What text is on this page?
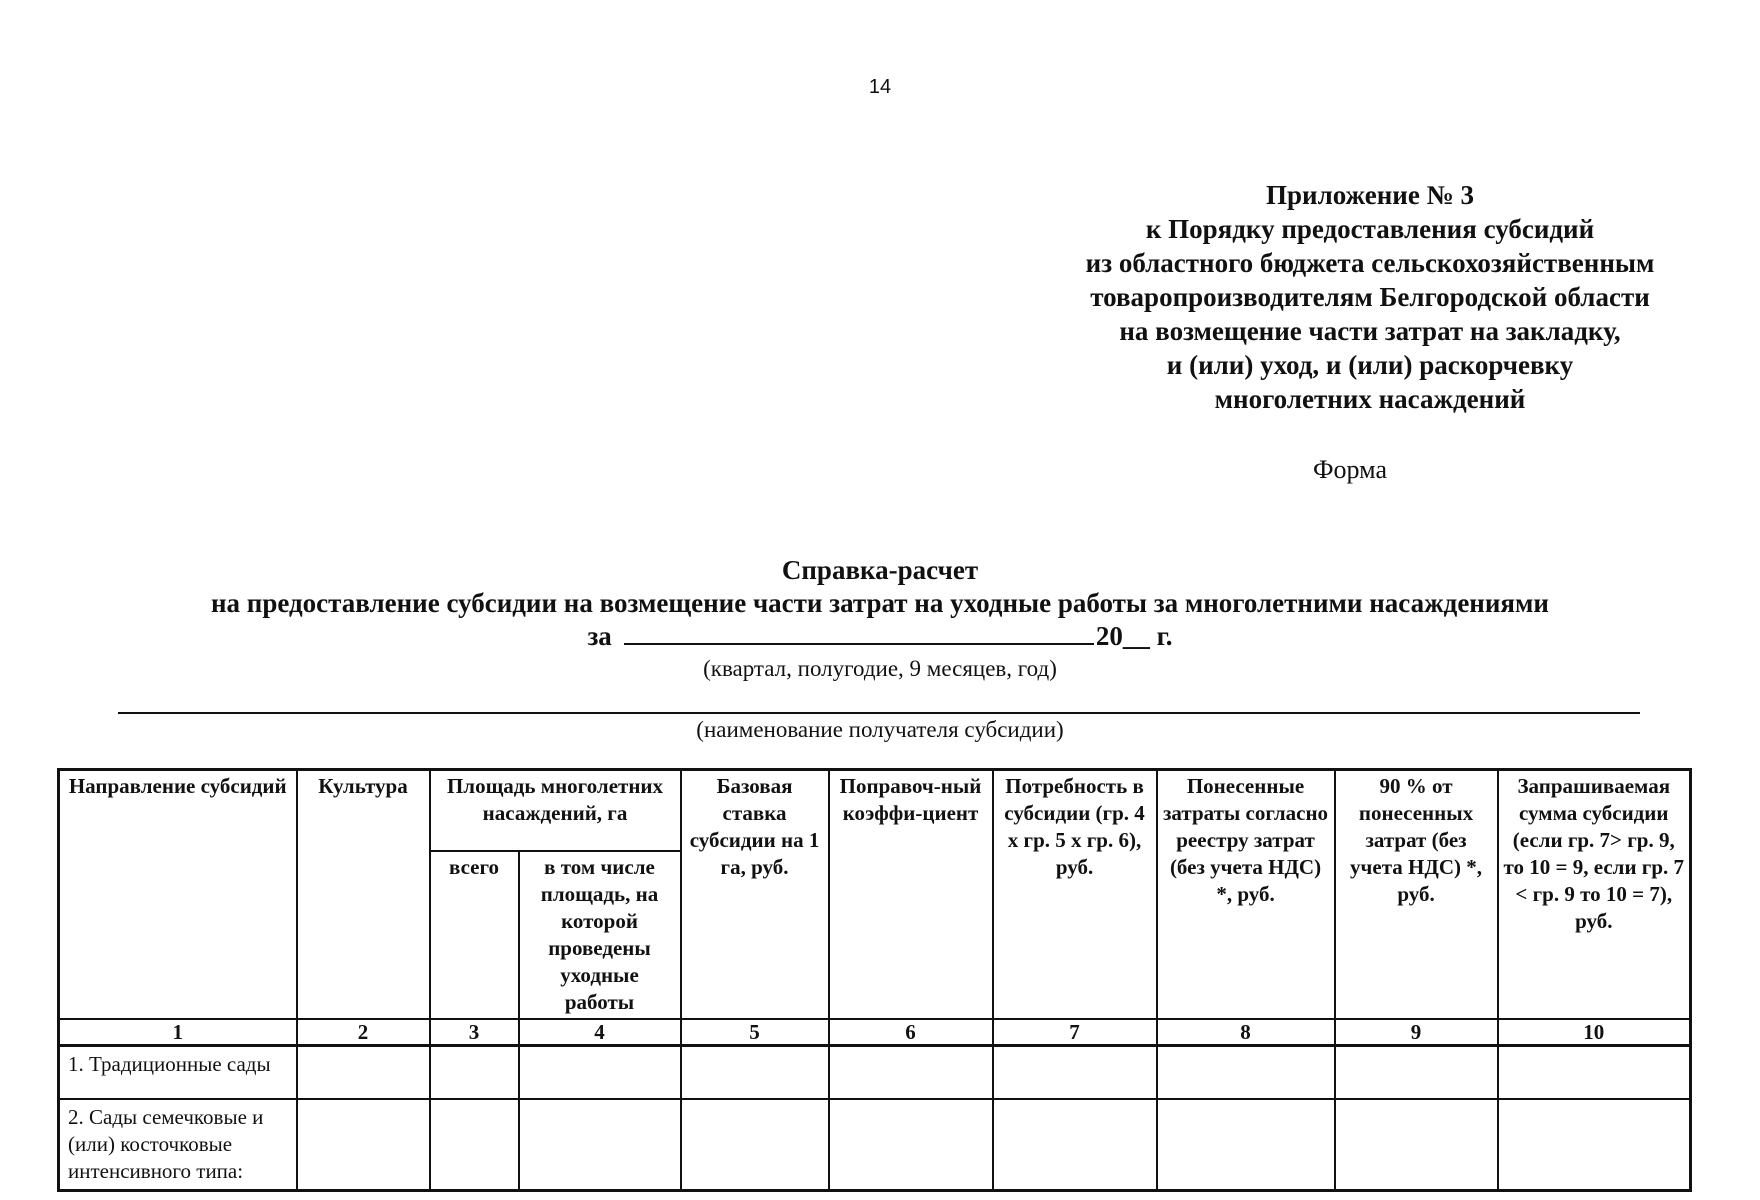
14
Приложение № 3
к Порядку предоставления субсидий
из областного бюджета сельскохозяйственным
товаропроизводителям Белгородской области
на возмещение части затрат на закладку,
и (или) уход, и (или) раскорчевку
многолетних насаждений
Форма
Справка-расчет
на предоставление субсидии на возмещение части затрат на уходные работы за многолетними насаждениями
за	20__ г.
(квартал, полугодие, 9 месяцев, год)
(наименование получателя субсидии)
Направление субсидий	Культура	Площадь многолетних насаждений, га		Базовая ставка субсидии на 1 га, руб.	Поправоч-ный коэффи-циент	Потребность в субсидии (гр. 4 х гр. 5 х гр. 6), руб.	Понесенные затраты согласно реестру затрат (без учета НДС) *, руб.	90 % от понесенных затрат (без учета НДС) *, руб.	Запрашиваемая сумма субсидии (если гр. 7> гр. 9, то 10 = 9, если гр. 7 < гр. 9 то 10 = 7), руб.
		всего	в том числе площадь, на которой проведены уходные работы						
1	2	3	4	5	6	7	8	9	10
1. Традиционные сады									
2. Сады семечковые и (или) косточковые интенсивного типа:									
